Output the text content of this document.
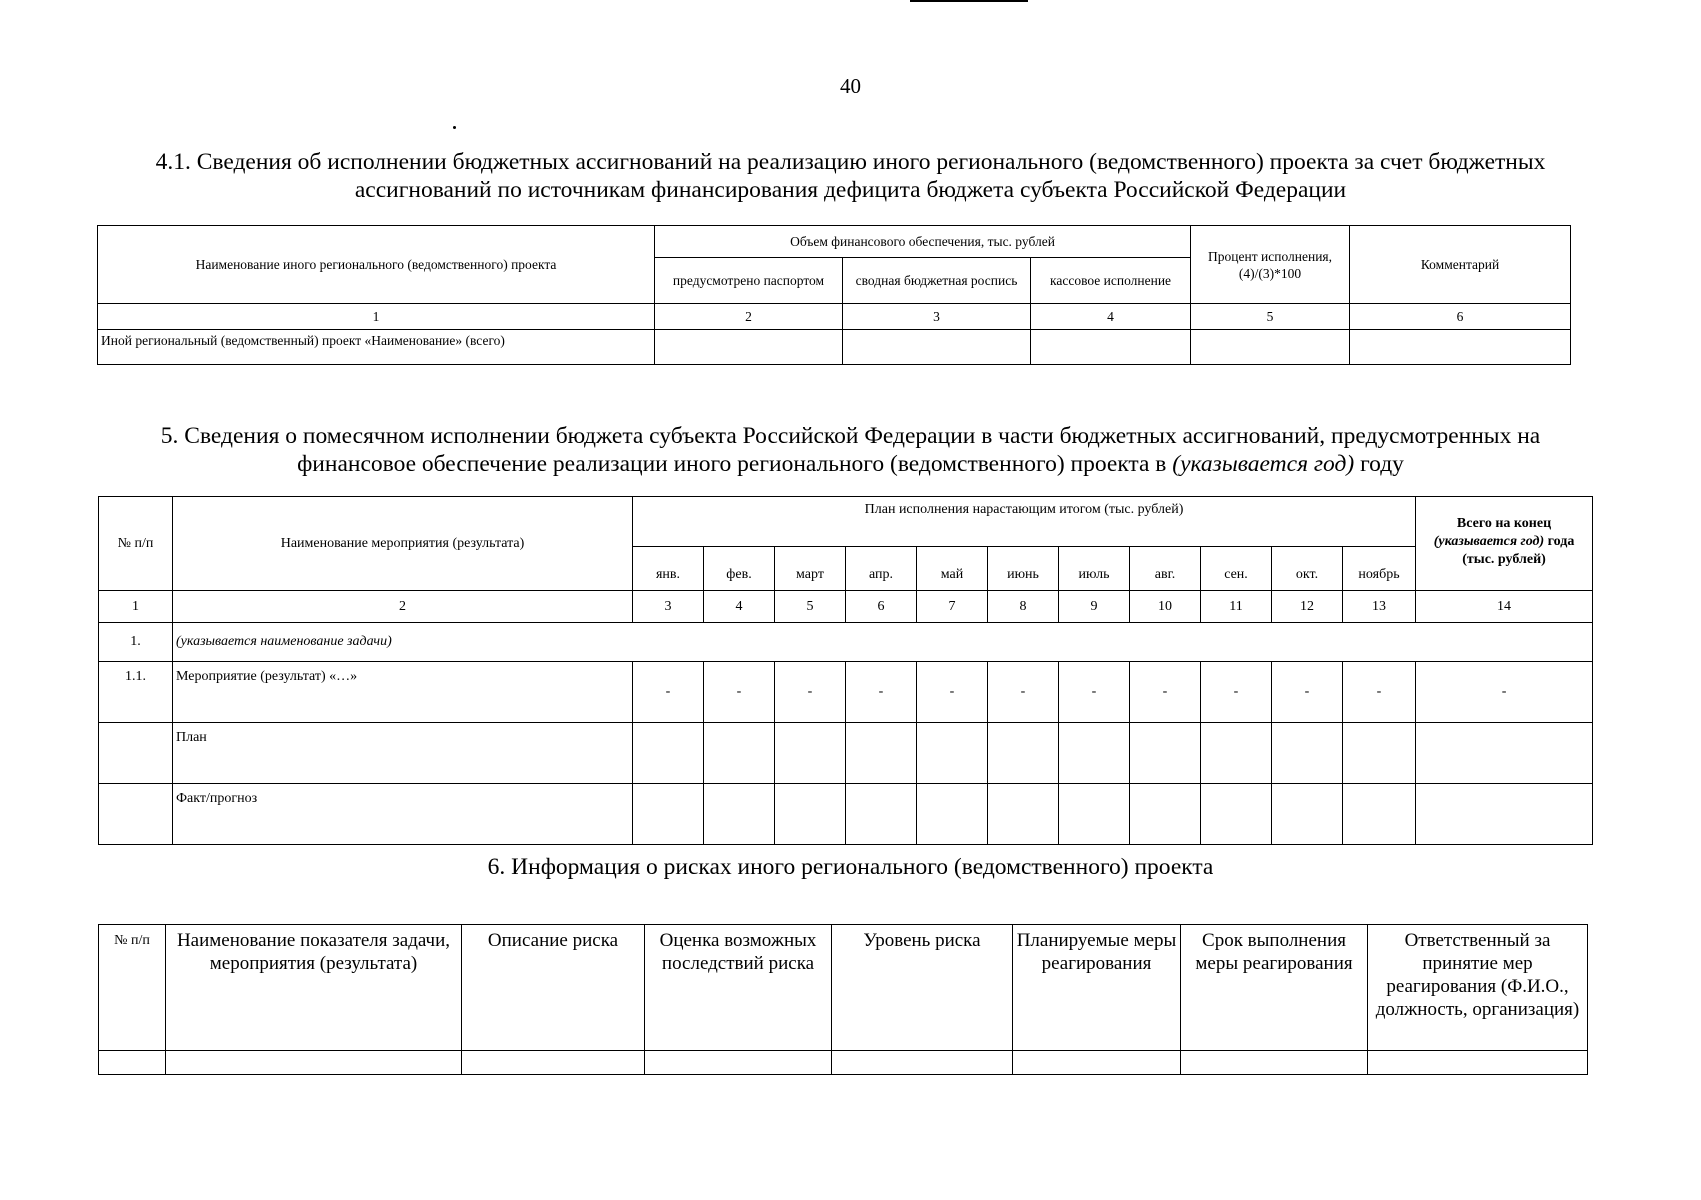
40
4.1. Сведения об исполнении бюджетных ассигнований на реализацию иного регионального (ведомственного) проекта за счет бюджетных
ассигнований по источникам финансирования дефицита бюджета субъекта Российской Федерации
Наименование иного регионального (ведомственного) проекта	Объем финансового обеспечения, тыс. рублей			Процент исполнения, (4)/(3)*100	Комментарий
	предусмотрено паспортом	сводная бюджетная роспись	кассовое исполнение		
1	2	3	4	5	6
Иной региональный (ведомственный) проект «Наименование» (всего)					
5. Сведения о помесячном исполнении бюджета субъекта Российской Федерации в части бюджетных ассигнований, предусмотренных на
финансовое обеспечение реализации иного регионального (ведомственного) проекта в (указывается год) году
№ п/п	Наименование мероприятия (результата)	План исполнения нарастающим итогом (тыс. рублей)											Всего на конец
(указывается год) года
(тыс. рублей)
		янв.	фев.	март	апр.	май	июнь	июль	авг.	сен.	окт.	ноябрь	
1	2	3	4	5	6	7	8	9	10	11	12	13	14
1.	(указывается наименование задачи)												
1.1.	Мероприятие (результат) «…»	-	-	-	-	-	-	-	-	-	-	-	-
	План												
	Факт/прогноз												
6. Информация о рисках иного регионального (ведомственного) проекта
№ п/п	Наименование показателя задачи, мероприятия (результата)	Описание риска	Оценка возможных последствий риска	Уровень риска	Планируемые меры реагирования	Срок выполнения меры реагирования	Ответственный за принятие мер реагирования (Ф.И.О., должность, организация)
